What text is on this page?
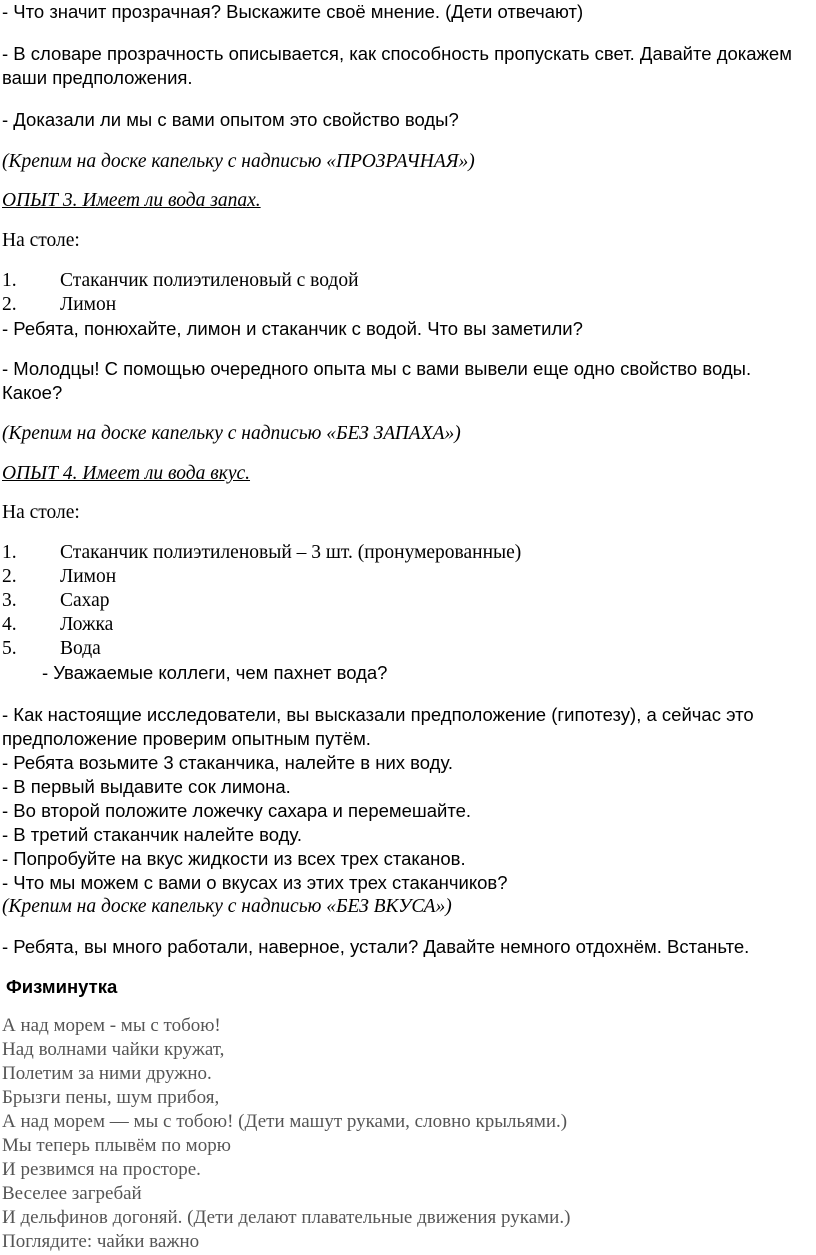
- Что значит прозрачная? Выскажите своё мнение. (Дети отвечают)
- В словаре прозрачность описывается, как способность пропускать свет. Давайте докажем
ваши предположения.
- Доказали ли мы с вами опытом это свойство воды?
(Крепим на доске капельку с надписью «ПРОЗРАЧНАЯ»)
ОПЫТ 3. Имеет ли вода запах.
На столе:
1. Стаканчик полиэтиленовый с водой
2. Лимон
- Ребята, понюхайте, лимон и стаканчик с водой. Что вы заметили?
- Молодцы! С помощью очередного опыта мы с вами вывели еще одно свойство воды.
Какое?
(Крепим на доске капельку с надписью «БЕЗ ЗАПАХА»)
ОПЫТ 4. Имеет ли вода вкус.
На столе:
1. Стаканчик полиэтиленовый – 3 шт. (пронумерованные)
2. Лимон
3. Сахар
4. Ложка
5. Вода
- Уважаемые коллеги, чем пахнет вода?
- Как настоящие исследователи, вы высказали предположение (гипотезу), а сейчас это
предположение проверим опытным путём.
- Ребята возьмите 3 стаканчика, налейте в них воду.
- В первый выдавите сок лимона.
- Во второй положите ложечку сахара и перемешайте.
- В третий стаканчик налейте воду.
- Попробуйте на вкус жидкости из всех трех стаканов.
- Что мы можем с вами о вкусах из этих трех стаканчиков?
(Крепим на доске капельку с надписью «БЕЗ ВКУСА»)
- Ребята, вы много работали, наверное, устали? Давайте немного отдохнём. Встаньте.
Физминутка
А над морем - мы с тобою!
Над волнами чайки кружат,
Полетим за ними дружно.
Брызги пены, шум прибоя,
А над морем — мы с тобою! (Дети машут руками, словно крыльями.)
Мы теперь плывём по морю
И резвимся на просторе.
Веселее загребай
И дельфинов догоняй. (Дети делают плавательные движения руками.)
Поглядите: чайки важно
